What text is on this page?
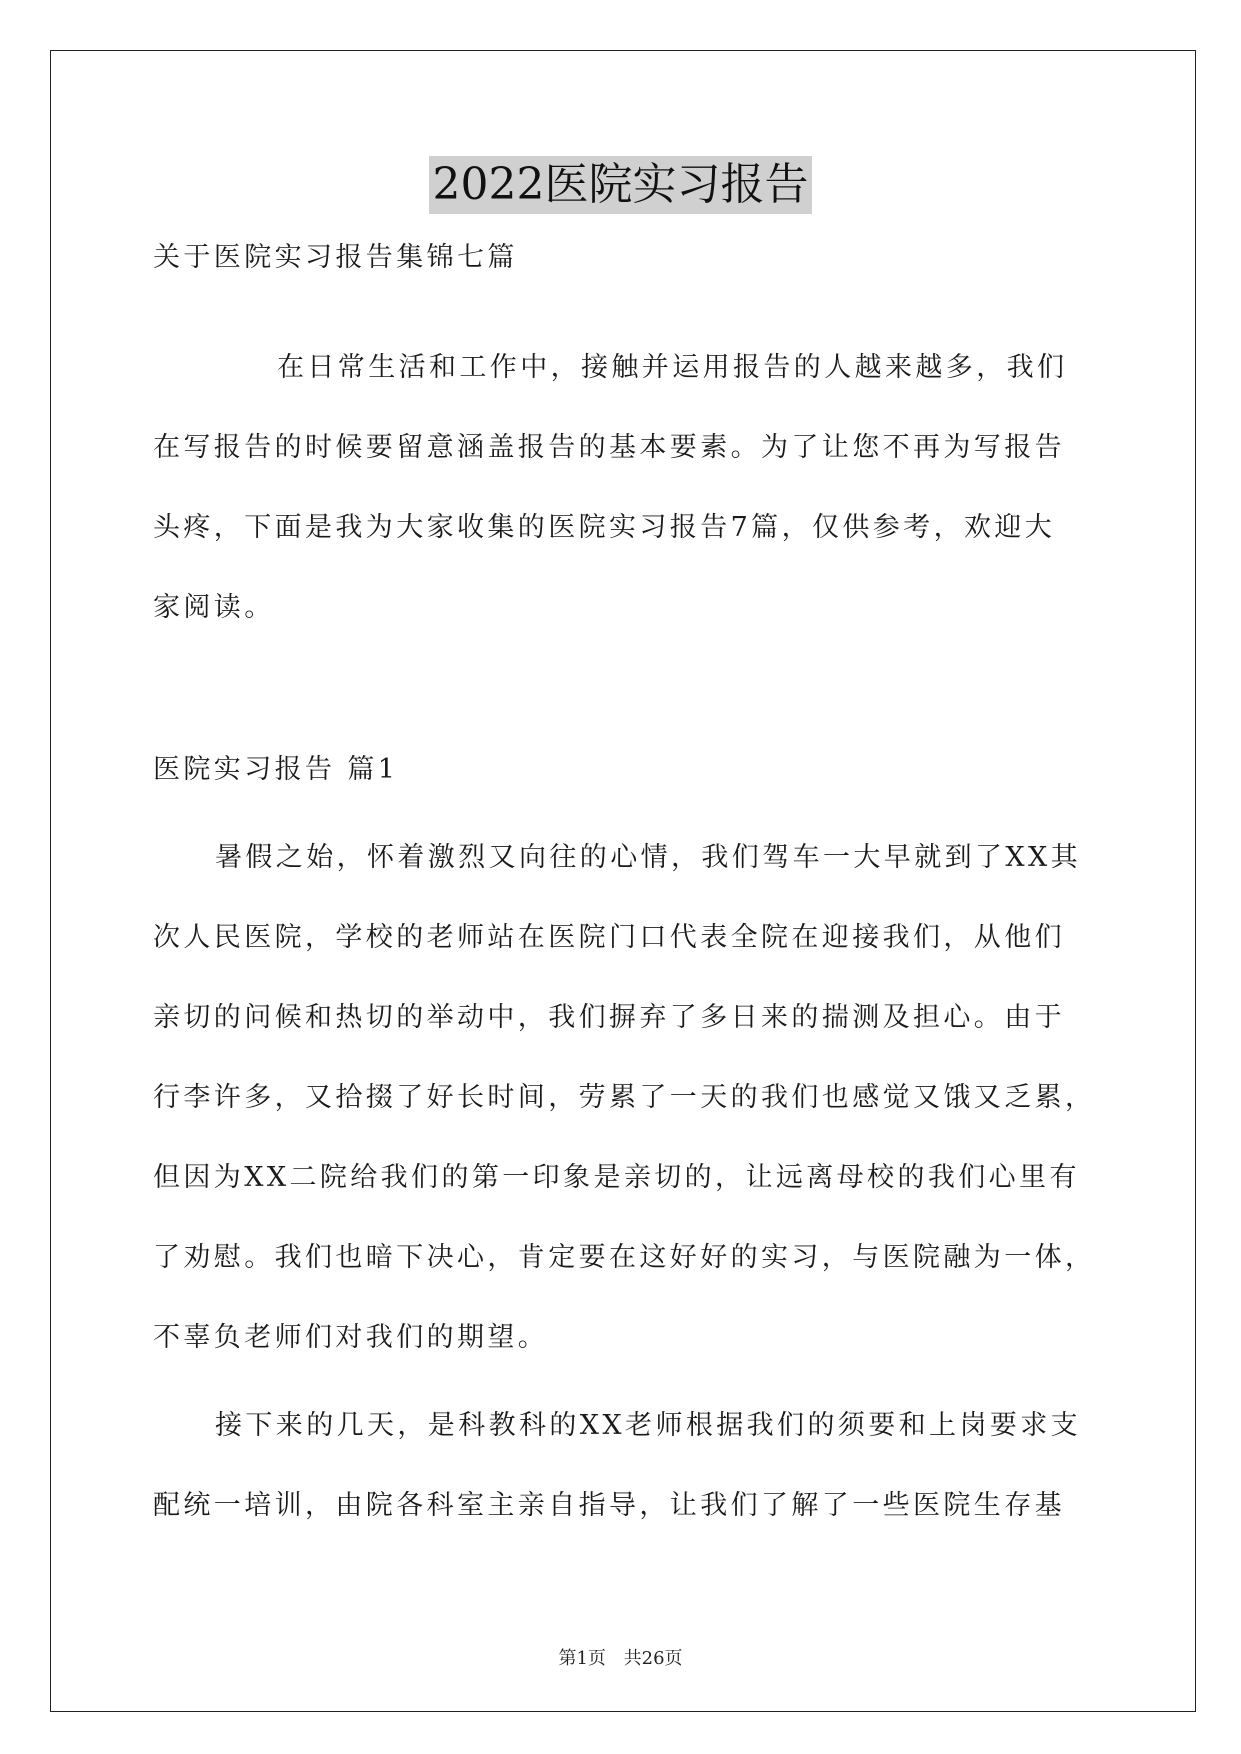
2022医院实习报告
关于医院实习报告集锦七篇
在日常生活和工作中，接触并运用报告的人越来越多，我们
在写报告的时候要留意涵盖报告的基本要素。为了让您不再为写报告
头疼，下面是我为大家收集的医院实习报告7篇，仅供参考，欢迎大
家阅读。
医院实习报告 篇1
暑假之始，怀着激烈又向往的心情，我们驾车一大早就到了XX其
次人民医院，学校的老师站在医院门口代表全院在迎接我们，从他们
亲切的问候和热切的举动中，我们摒弃了多日来的揣测及担心。由于
行李许多，又拾掇了好长时间，劳累了一天的我们也感觉又饿又乏累，
但因为XX二院给我们的第一印象是亲切的，让远离母校的我们心里有
了劝慰。我们也暗下决心，肯定要在这好好的实习，与医院融为一体，
不辜负老师们对我们的期望。
接下来的几天，是科教科的XX老师根据我们的须要和上岗要求支
配统一培训，由院各科室主亲自指导，让我们了解了一些医院生存基
第1页 共26页
